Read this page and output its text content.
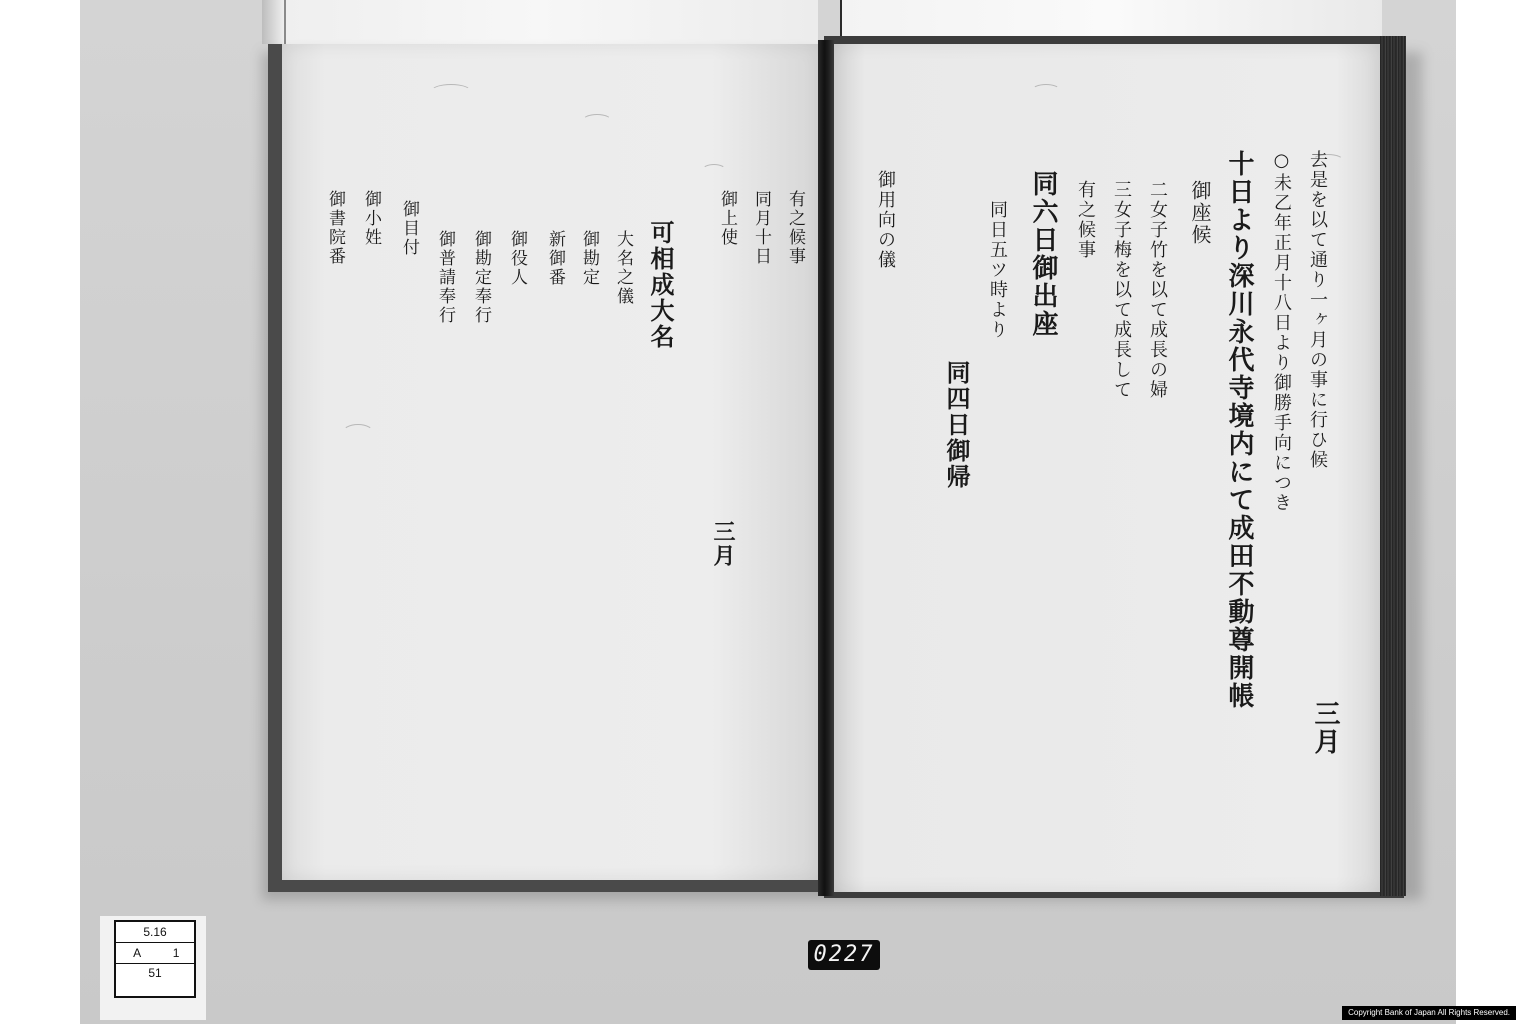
去是を以て通り一ヶ月の事に行ひ候
○未乙年正月十八日より御勝手向につき
十日より深川永代寺境内にて成田不動尊開帳
御座候
二女子竹を以て成長の婦
三女子梅を以て成長して
有之候事
同六日御出座
同日五ツ時より
同四日御帰
御用向の儀
三月
有之候事
同月十日
御上使
可相成大名
大名之儀
御勘定
新御番
御役人
御勘定奉行
御普請奉行
御目付
御小姓
御書院番
三月
5.16
A	1
51
0227
Copyright Bank of Japan All Rights Reserved.
